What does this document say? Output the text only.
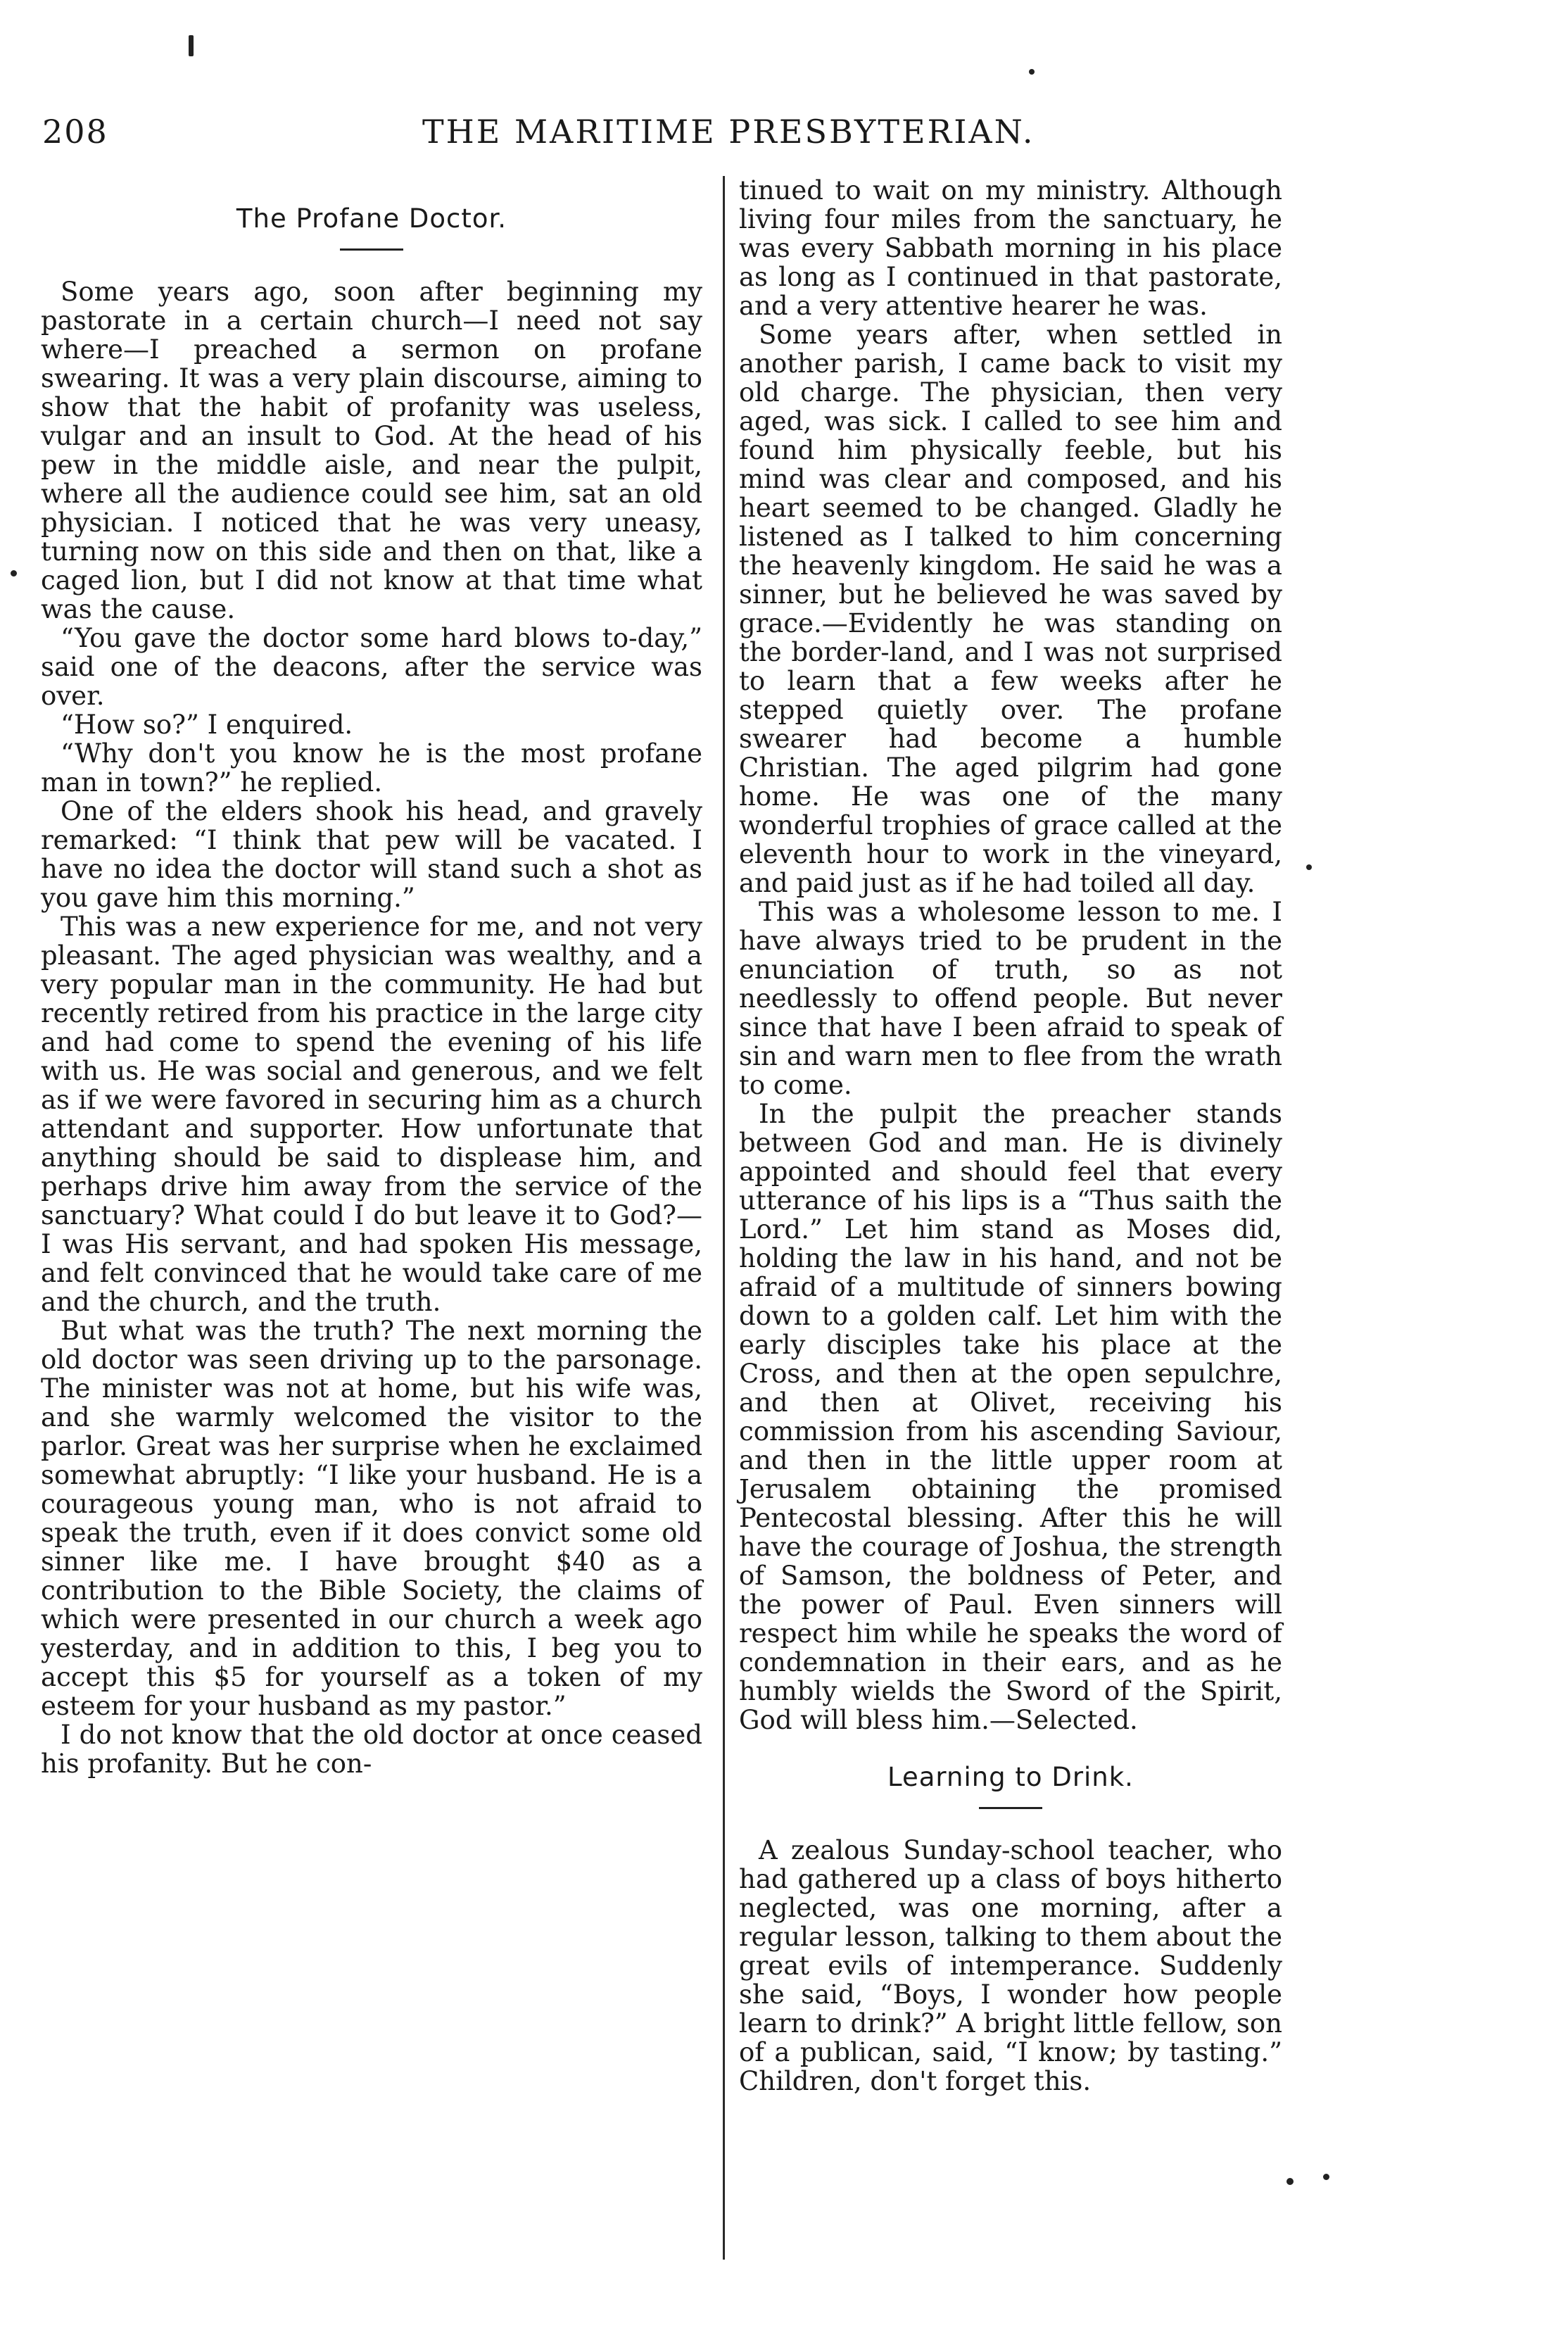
208	THE MARITIME PRESBYTERIAN.
The Profane Doctor.

Some years ago, soon after beginning my pastorate in a certain church—I need not say where—I preached a sermon on profane swearing. It was a very plain discourse, aiming to show that the habit of profanity was useless, vulgar and an insult to God. At the head of his pew in the middle aisle, and near the pulpit, where all the audience could see him, sat an old physician. I noticed that he was very uneasy, turning now on this side and then on that, like a caged lion, but I did not know at that time what was the cause.

“You gave the doctor some hard blows to-day,” said one of the deacons, after the service was over.

“How so?” I enquired.

“Why don't you know he is the most profane man in town?” he replied.

One of the elders shook his head, and gravely remarked: “I think that pew will be vacated. I have no idea the doctor will stand such a shot as you gave him this morning.”

This was a new experience for me, and not very pleasant. The aged physician was wealthy, and a very popular man in the community. He had but recently retired from his practice in the large city and had come to spend the evening of his life with us. He was social and generous, and we felt as if we were favored in securing him as a church attendant and supporter. How unfortunate that anything should be said to displease him, and perhaps drive him away from the service of the sanctuary? What could I do but leave it to God?—I was His servant, and had spoken His message, and felt convinced that he would take care of me and the church, and the truth.

But what was the truth? The next morning the old doctor was seen driving up to the parsonage. The minister was not at home, but his wife was, and she warmly welcomed the visitor to the parlor. Great was her surprise when he exclaimed somewhat abruptly: “I like your husband. He is a courageous young man, who is not afraid to speak the truth, even if it does convict some old sinner like me. I have brought $40 as a contribution to the Bible Society, the claims of which were presented in our church a week ago yesterday, and in addition to this, I beg you to accept this $5 for yourself as a token of my esteem for your husband as my pastor.”

I do not know that the old doctor at once ceased his profanity. But he con-

tinued to wait on my ministry. Although living four miles from the sanctuary, he was every Sabbath morning in his place as long as I continued in that pastorate, and a very attentive hearer he was.

Some years after, when settled in another parish, I came back to visit my old charge. The physician, then very aged, was sick. I called to see him and found him physically feeble, but his mind was clear and composed, and his heart seemed to be changed. Gladly he listened as I talked to him concerning the heavenly kingdom. He said he was a sinner, but he believed he was saved by grace.—Evidently he was standing on the border-land, and I was not surprised to learn that a few weeks after he stepped quietly over. The profane swearer had become a humble Christian. The aged pilgrim had gone home. He was one of the many wonderful trophies of grace called at the eleventh hour to work in the vineyard, and paid just as if he had toiled all day.

This was a wholesome lesson to me. I have always tried to be prudent in the enunciation of truth, so as not needlessly to offend people. But never since that have I been afraid to speak of sin and warn men to flee from the wrath to come.

In the pulpit the preacher stands between God and man. He is divinely appointed and should feel that every utterance of his lips is a “Thus saith the Lord.” Let him stand as Moses did, holding the law in his hand, and not be afraid of a multitude of sinners bowing down to a golden calf. Let him with the early disciples take his place at the Cross, and then at the open sepulchre, and then at Olivet, receiving his commission from his ascending Saviour, and then in the little upper room at Jerusalem obtaining the promised Pentecostal blessing. After this he will have the courage of Joshua, the strength of Samson, the boldness of Peter, and the power of Paul. Even sinners will respect him while he speaks the word of condemnation in their ears, and as he humbly wields the Sword of the Spirit, God will bless him.—Selected.

Learning to Drink.

A zealous Sunday-school teacher, who had gathered up a class of boys hitherto neglected, was one morning, after a regular lesson, talking to them about the great evils of intemperance. Suddenly she said, “Boys, I wonder how people learn to drink?” A bright little fellow, son of a publican, said, “I know; by tasting.” Children, don't forget this.
